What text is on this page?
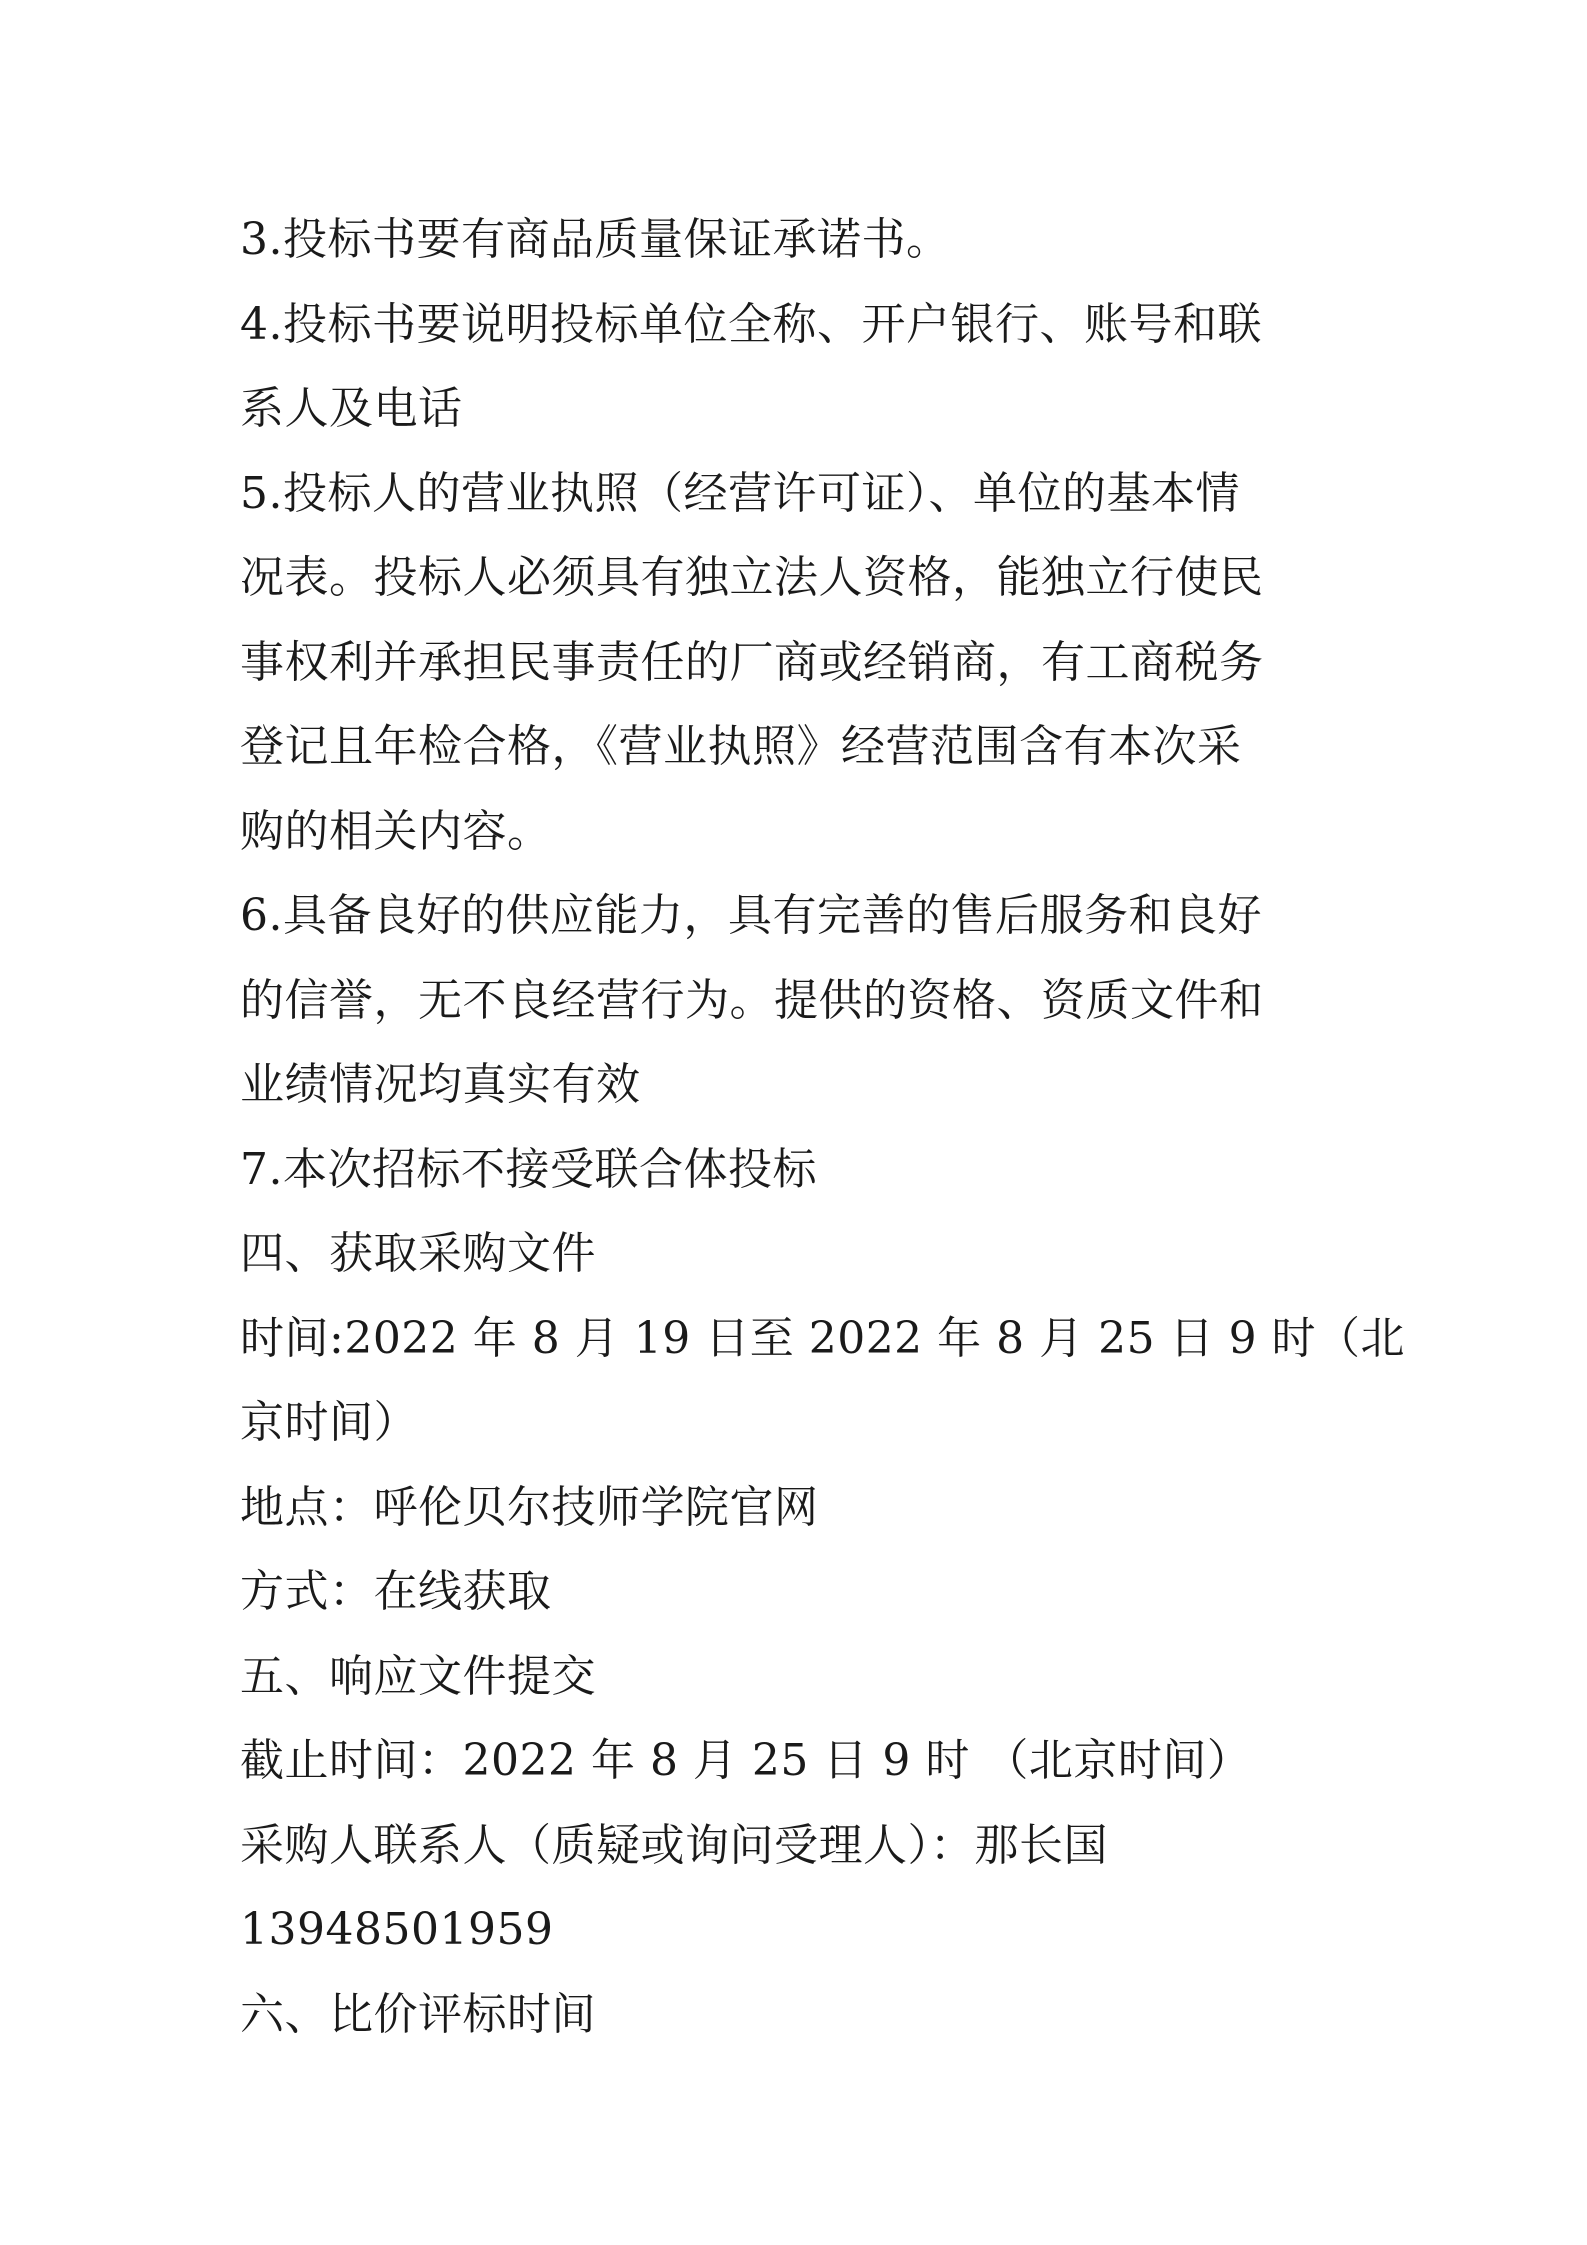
3.投标书要有商品质量保证承诺书。
4.投标书要说明投标单位全称、开户银行、账号和联
系人及电话
5.投标人的营业执照（经营许可证）、单位的基本情
况表。投标人必须具有独立法人资格，能独立行使民
事权利并承担民事责任的厂商或经销商，有工商税务
登记且年检合格，《营业执照》经营范围含有本次采
购的相关内容。
6.具备良好的供应能力，具有完善的售后服务和良好
的信誉，无不良经营行为。提供的资格、资质文件和
业绩情况均真实有效
7.本次招标不接受联合体投标
四、获取采购文件
时间:2022 年 8 月 19 日至 2022 年 8 月 25 日 9 时（北
京时间）
地点：呼伦贝尔技师学院官网
方式：在线获取
五、响应文件提交
截止时间：2022 年 8 月 25 日 9 时 （北京时间）
采购人联系人（质疑或询问受理人）：那长国
13948501959
六、比价评标时间
